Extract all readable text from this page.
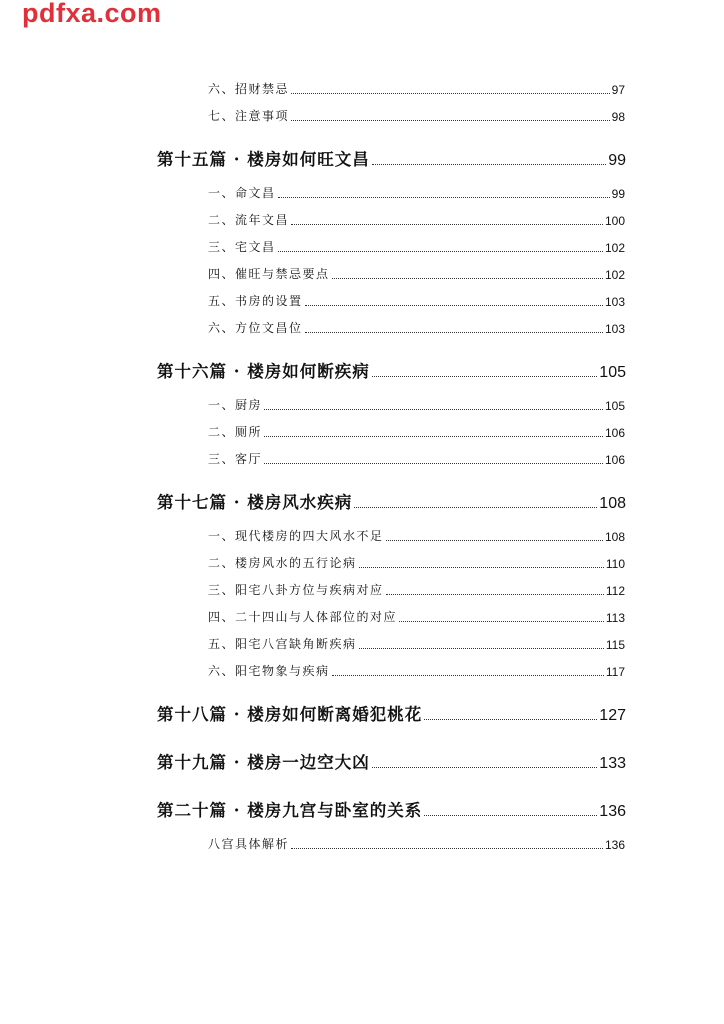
pdfxa.com
六、招财禁忌	97
七、注意事项	98
第十五篇 · 楼房如何旺文昌	99
一、命文昌	99
二、流年文昌	100
三、宅文昌	102
四、催旺与禁忌要点	102
五、书房的设置	103
六、方位文昌位	103
第十六篇 · 楼房如何断疾病	105
一、厨房	105
二、厕所	106
三、客厅	106
第十七篇 · 楼房风水疾病	108
一、现代楼房的四大风水不足	108
二、楼房风水的五行论病	110
三、阳宅八卦方位与疾病对应	112
四、二十四山与人体部位的对应	113
五、阳宅八宫缺角断疾病	115
六、阳宅物象与疾病	117
第十八篇 · 楼房如何断离婚犯桃花	127
第十九篇 · 楼房一边空大凶	133
第二十篇 · 楼房九宫与卧室的关系	136
八宫具体解析	136
